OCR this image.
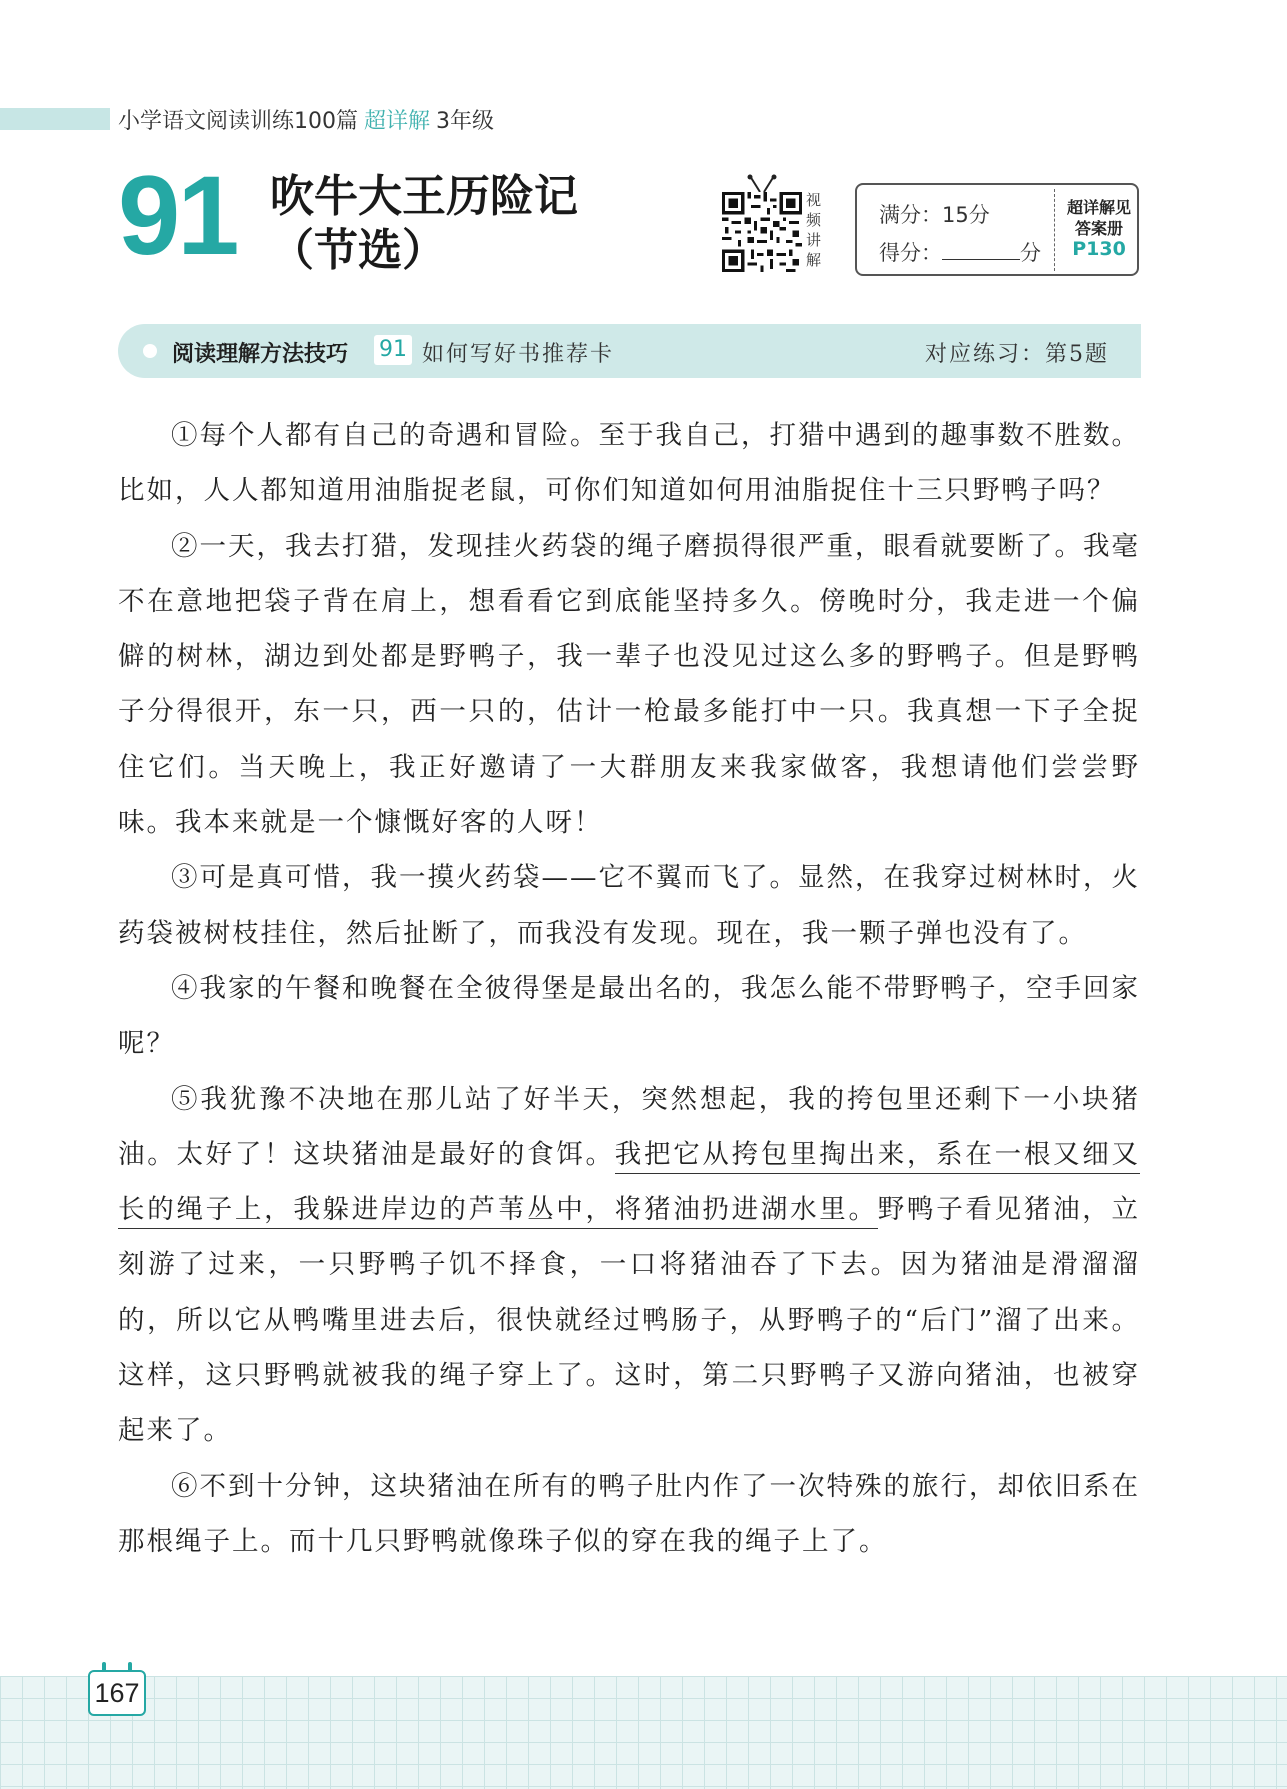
小学语文阅读训练100篇 超详解 3年级
91 吹牛大王历险记
（节选）
视
频
讲
解
满分：15分
得分：	分
超详解见
答案册
P130
阅读理解方法技巧 91 如何写好书推荐卡	对应练习：第5题

①每个人都有自己的奇遇和冒险。至于我自己，打猎中遇到的趣事数不胜数。比如，人人都知道用油脂捉老鼠，可你们知道如何用油脂捉住十三只野鸭子吗？

②一天，我去打猎，发现挂火药袋的绳子磨损得很严重，眼看就要断了。我毫不在意地把袋子背在肩上，想看看它到底能坚持多久。傍晚时分，我走进一个偏僻的树林，湖边到处都是野鸭子，我一辈子也没见过这么多的野鸭子。但是野鸭子分得很开，东一只，西一只的，估计一枪最多能打中一只。我真想一下子全捉住它们。当天晚上，我正好邀请了一大群朋友来我家做客，我想请他们尝尝野味。我本来就是一个慷慨好客的人呀！

③可是真可惜，我一摸火药袋——它不翼而飞了。显然，在我穿过树林时，火药袋被树枝挂住，然后扯断了，而我没有发现。现在，我一颗子弹也没有了。

④我家的午餐和晚餐在全彼得堡是最出名的，我怎么能不带野鸭子，空手回家呢？

⑤我犹豫不决地在那儿站了好半天，突然想起，我的挎包里还剩下一小块猪油。太好了！这块猪油是最好的食饵。我把它从挎包里掏出来，系在一根又细又长的绳子上，我躲进岸边的芦苇丛中，将猪油扔进湖水里。野鸭子看见猪油，立刻游了过来，一只野鸭子饥不择食，一口将猪油吞了下去。因为猪油是滑溜溜的，所以它从鸭嘴里进去后，很快就经过鸭肠子，从野鸭子的“后门”溜了出来。这样，这只野鸭就被我的绳子穿上了。这时，第二只野鸭子又游向猪油，也被穿起来了。

⑥不到十分钟，这块猪油在所有的鸭子肚内作了一次特殊的旅行，却依旧系在那根绳子上。而十几只野鸭就像珠子似的穿在我的绳子上了。

167
